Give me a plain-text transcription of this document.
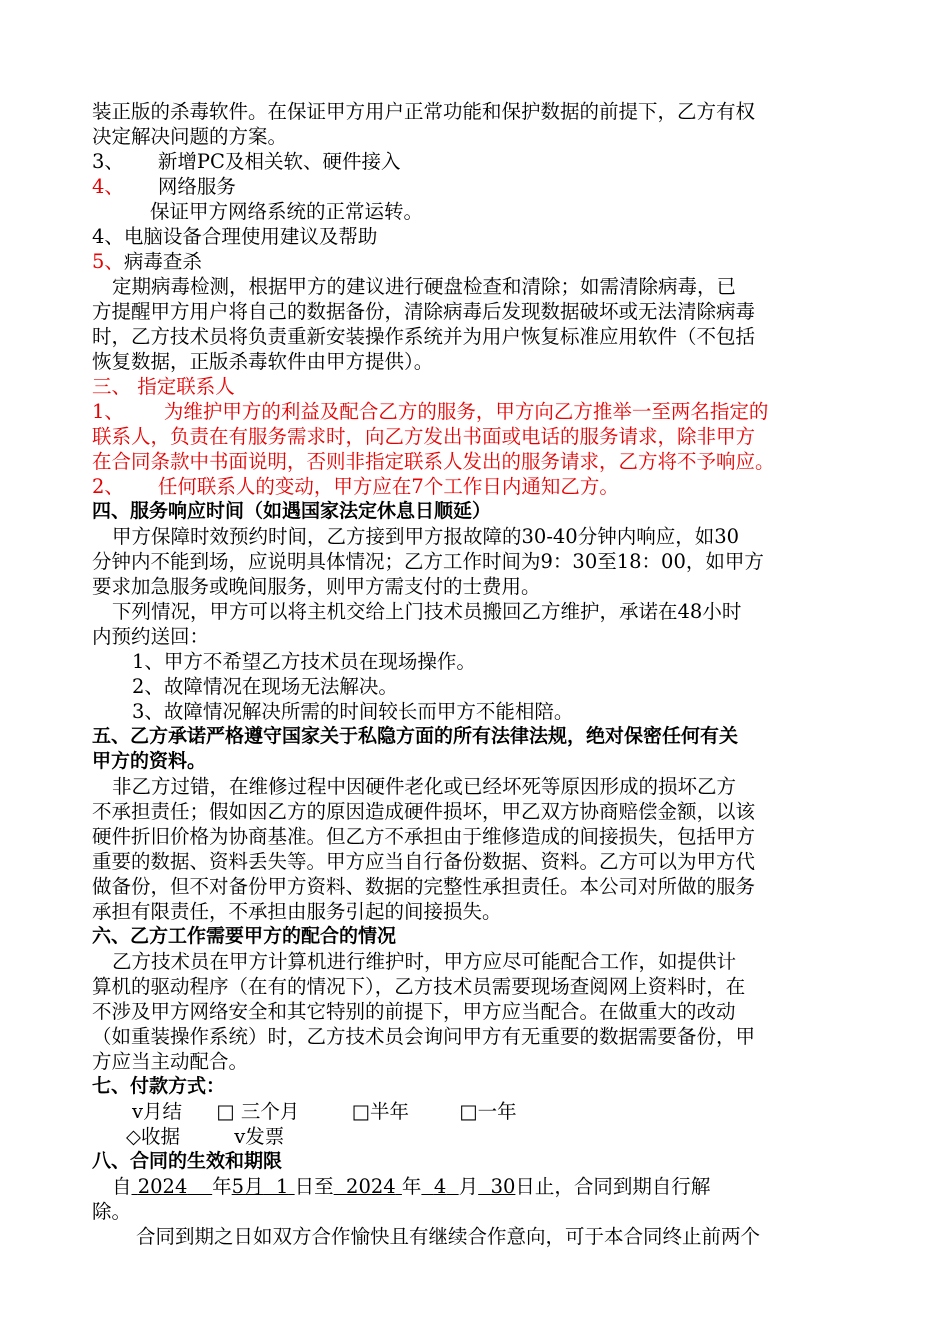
装正版的杀毒软件。在保证甲方用户正常功能和保护数据的前提下，乙方有权
决定解决问题的方案。
3、 新增PC及相关软、硬件接入
4、 网络服务
保证甲方网络系统的正常运转。
4、电脑设备合理使用建议及帮助
5、病毒查杀
定期病毒检测，根据甲方的建议进行硬盘检查和清除；如需清除病毒，已
方提醒甲方用户将自己的数据备份，清除病毒后发现数据破坏或无法清除病毒
时，乙方技术员将负责重新安装操作系统并为用户恢复标准应用软件（不包括
恢复数据，正版杀毒软件由甲方提供）。
三、 指定联系人
1、 为维护甲方的利益及配合乙方的服务，甲方向乙方推举一至两名指定的
联系人，负责在有服务需求时，向乙方发出书面或电话的服务请求，除非甲方
在合同条款中书面说明，否则非指定联系人发出的服务请求，乙方将不予响应。
2、 任何联系人的变动，甲方应在7个工作日内通知乙方。
四、服务响应时间（如遇国家法定休息日顺延）
甲方保障时效预约时间，乙方接到甲方报故障的30-40分钟内响应，如30
分钟内不能到场，应说明具体情况；乙方工作时间为9：30至18：00，如甲方
要求加急服务或晚间服务，则甲方需支付的士费用。
下列情况，甲方可以将主机交给上门技术员搬回乙方维护，承诺在48小时
内预约送回：
1、甲方不希望乙方技术员在现场操作。
2、故障情况在现场无法解决。
3、故障情况解决所需的时间较长而甲方不能相陪。
五、乙方承诺严格遵守国家关于私隐方面的所有法律法规，绝对保密任何有关
甲方的资料。
非乙方过错，在维修过程中因硬件老化或已经坏死等原因形成的损坏乙方
不承担责任；假如因乙方的原因造成硬件损坏，甲乙双方协商赔偿金额，以该
硬件折旧价格为协商基准。但乙方不承担由于维修造成的间接损失，包括甲方
重要的数据、资料丢失等。甲方应当自行备份数据、资料。乙方可以为甲方代
做备份，但不对备份甲方资料、数据的完整性承担责任。本公司对所做的服务
承担有限责任，不承担由服务引起的间接损失。
六、乙方工作需要甲方的配合的情况
乙方技术员在甲方计算机进行维护时，甲方应尽可能配合工作，如提供计
算机的驱动程序（在有的情况下），乙方技术员需要现场查阅网上资料时，在
不涉及甲方网络安全和其它特别的前提下，甲方应当配合。在做重大的改动
（如重装操作系统）时，乙方技术员会询问甲方有无重要的数据需要备份，甲
方应当主动配合。
七、付款方式：
v月结 □ 三个月	□半年	□一年
◇收据	v发票
八、合同的生效和期限
自 2024 年5月 1 日至 2024 年 4 月 30日止，合同到期自行解
除。
合同到期之日如双方合作愉快且有继续合作意向，可于本合同终止前两个
